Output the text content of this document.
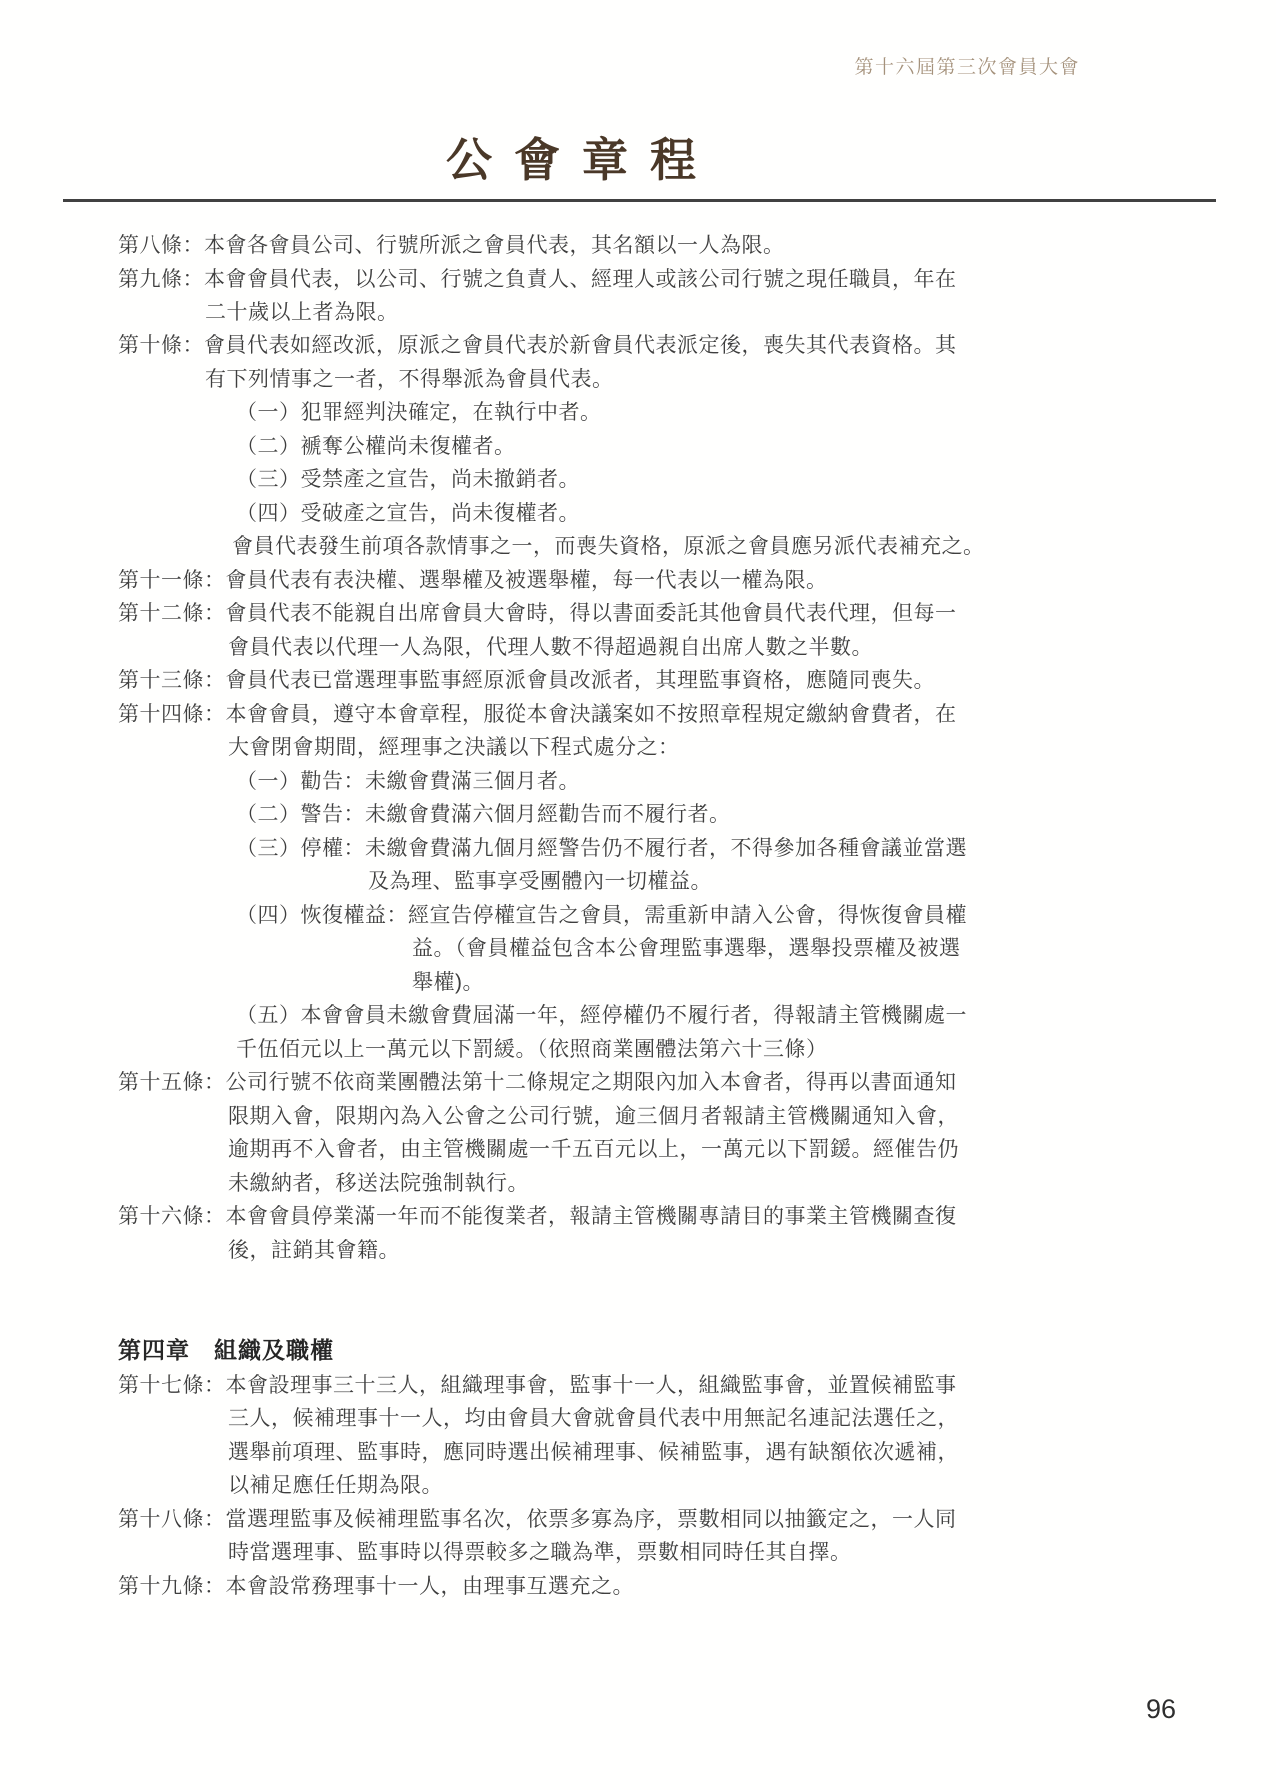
第十六屆第三次會員大會
公會章程
第八條：本會各會員公司、行號所派之會員代表，其名額以一人為限。
第九條：本會會員代表，以公司、行號之負責人、經理人或該公司行號之現任職員，年在
二十歲以上者為限。
第十條：會員代表如經改派，原派之會員代表於新會員代表派定後，喪失其代表資格。其
有下列情事之一者，不得舉派為會員代表。
（一）犯罪經判決確定，在執行中者。
（二）褫奪公權尚未復權者。
（三）受禁產之宣告，尚未撤銷者。
（四）受破產之宣告，尚未復權者。
會員代表發生前項各款情事之一，而喪失資格，原派之會員應另派代表補充之。
第十一條：會員代表有表決權、選舉權及被選舉權，每一代表以一權為限。
第十二條：會員代表不能親自出席會員大會時，得以書面委託其他會員代表代理，但每一
會員代表以代理一人為限，代理人數不得超過親自出席人數之半數。
第十三條：會員代表已當選理事監事經原派會員改派者，其理監事資格，應隨同喪失。
第十四條：本會會員，遵守本會章程，服從本會決議案如不按照章程規定繳納會費者，在
大會閉會期間，經理事之決議以下程式處分之：
（一）勸告：未繳會費滿三個月者。
（二）警告：未繳會費滿六個月經勸告而不履行者。
（三）停權：未繳會費滿九個月經警告仍不履行者，不得參加各種會議並當選
及為理、監事享受團體內一切權益。
（四）恢復權益：經宣告停權宣告之會員，需重新申請入公會，得恢復會員權
益。（會員權益包含本公會理監事選舉，選舉投票權及被選
舉權)。
（五）本會會員未繳會費屆滿一年，經停權仍不履行者，得報請主管機關處一
千伍佰元以上一萬元以下罰緩。（依照商業團體法第六十三條）
第十五條：公司行號不依商業團體法第十二條規定之期限內加入本會者，得再以書面通知
限期入會，限期內為入公會之公司行號，逾三個月者報請主管機關通知入會，
逾期再不入會者，由主管機關處一千五百元以上，一萬元以下罰鍰。經催告仍
未繳納者，移送法院強制執行。
第十六條：本會會員停業滿一年而不能復業者，報請主管機關專請目的事業主管機關查復
後，註銷其會籍。
第四章　組織及職權
第十七條：本會設理事三十三人，組織理事會，監事十一人，組織監事會，並置候補監事
三人，候補理事十一人，均由會員大會就會員代表中用無記名連記法選任之，
選舉前項理、監事時，應同時選出候補理事、候補監事，遇有缺額依次遞補，
以補足應任任期為限。
第十八條：當選理監事及候補理監事名次，依票多寡為序，票數相同以抽籤定之，一人同
時當選理事、監事時以得票較多之職為準，票數相同時任其自擇。
第十九條：本會設常務理事十一人，由理事互選充之。
96
